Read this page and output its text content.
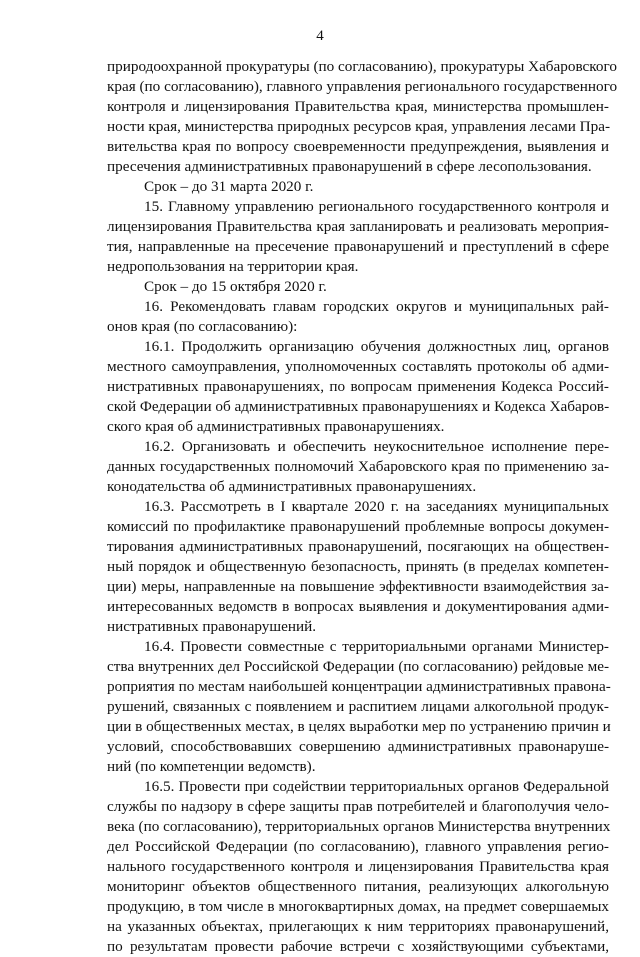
4
природоохранной прокуратуры (по согласованию), прокуратуры Хабаровского
края (по согласованию), главного управления регионального государственного
контроля и лицензирования Правительства края, министерства промышлен-
ности края, министерства природных ресурсов края, управления лесами Пра-
вительства края по вопросу своевременности предупреждения, выявления и
пресечения административных правонарушений в сфере лесопользования.
Срок – до 31 марта 2020 г.
15. Главному управлению регионального государственного контроля и
лицензирования Правительства края запланировать и реализовать мероприя-
тия, направленные на пресечение правонарушений и преступлений в сфере
недропользования на территории края.
Срок – до 15 октября 2020 г.
16. Рекомендовать главам городских округов и муниципальных рай-
онов края (по согласованию):
16.1. Продолжить организацию обучения должностных лиц, органов
местного самоуправления, уполномоченных составлять протоколы об адми-
нистративных правонарушениях, по вопросам применения Кодекса Россий-
ской Федерации об административных правонарушениях и Кодекса Хабаров-
ского края об административных правонарушениях.
16.2. Организовать и обеспечить неукоснительное исполнение пере-
данных государственных полномочий Хабаровского края по применению за-
конодательства об административных правонарушениях.
16.3. Рассмотреть в I квартале 2020 г. на заседаниях муниципальных
комиссий по профилактике правонарушений проблемные вопросы докумен-
тирования административных правонарушений, посягающих на обществен-
ный порядок и общественную безопасность, принять (в пределах компетен-
ции) меры, направленные на повышение эффективности взаимодействия за-
интересованных ведомств в вопросах выявления и документирования адми-
нистративных правонарушений.
16.4. Провести совместные с территориальными органами Министер-
ства внутренних дел Российской Федерации (по согласованию) рейдовые ме-
роприятия по местам наибольшей концентрации административных правона-
рушений, связанных с появлением и распитием лицами алкогольной продук-
ции в общественных местах, в целях выработки мер по устранению причин и
условий, способствовавших совершению административных правонаруше-
ний (по компетенции ведомств).
16.5. Провести при содействии территориальных органов Федеральной
службы по надзору в сфере защиты прав потребителей и благополучия чело-
века (по согласованию), территориальных органов Министерства внутренних
дел Российской Федерации (по согласованию), главного управления регио-
нального государственного контроля и лицензирования Правительства края
мониторинг объектов общественного питания, реализующих алкогольную
продукцию, в том числе в многоквартирных домах, на предмет совершаемых
на указанных объектах, прилегающих к ним территориях правонарушений,
по результатам провести рабочие встречи с хозяйствующими субъектами,
